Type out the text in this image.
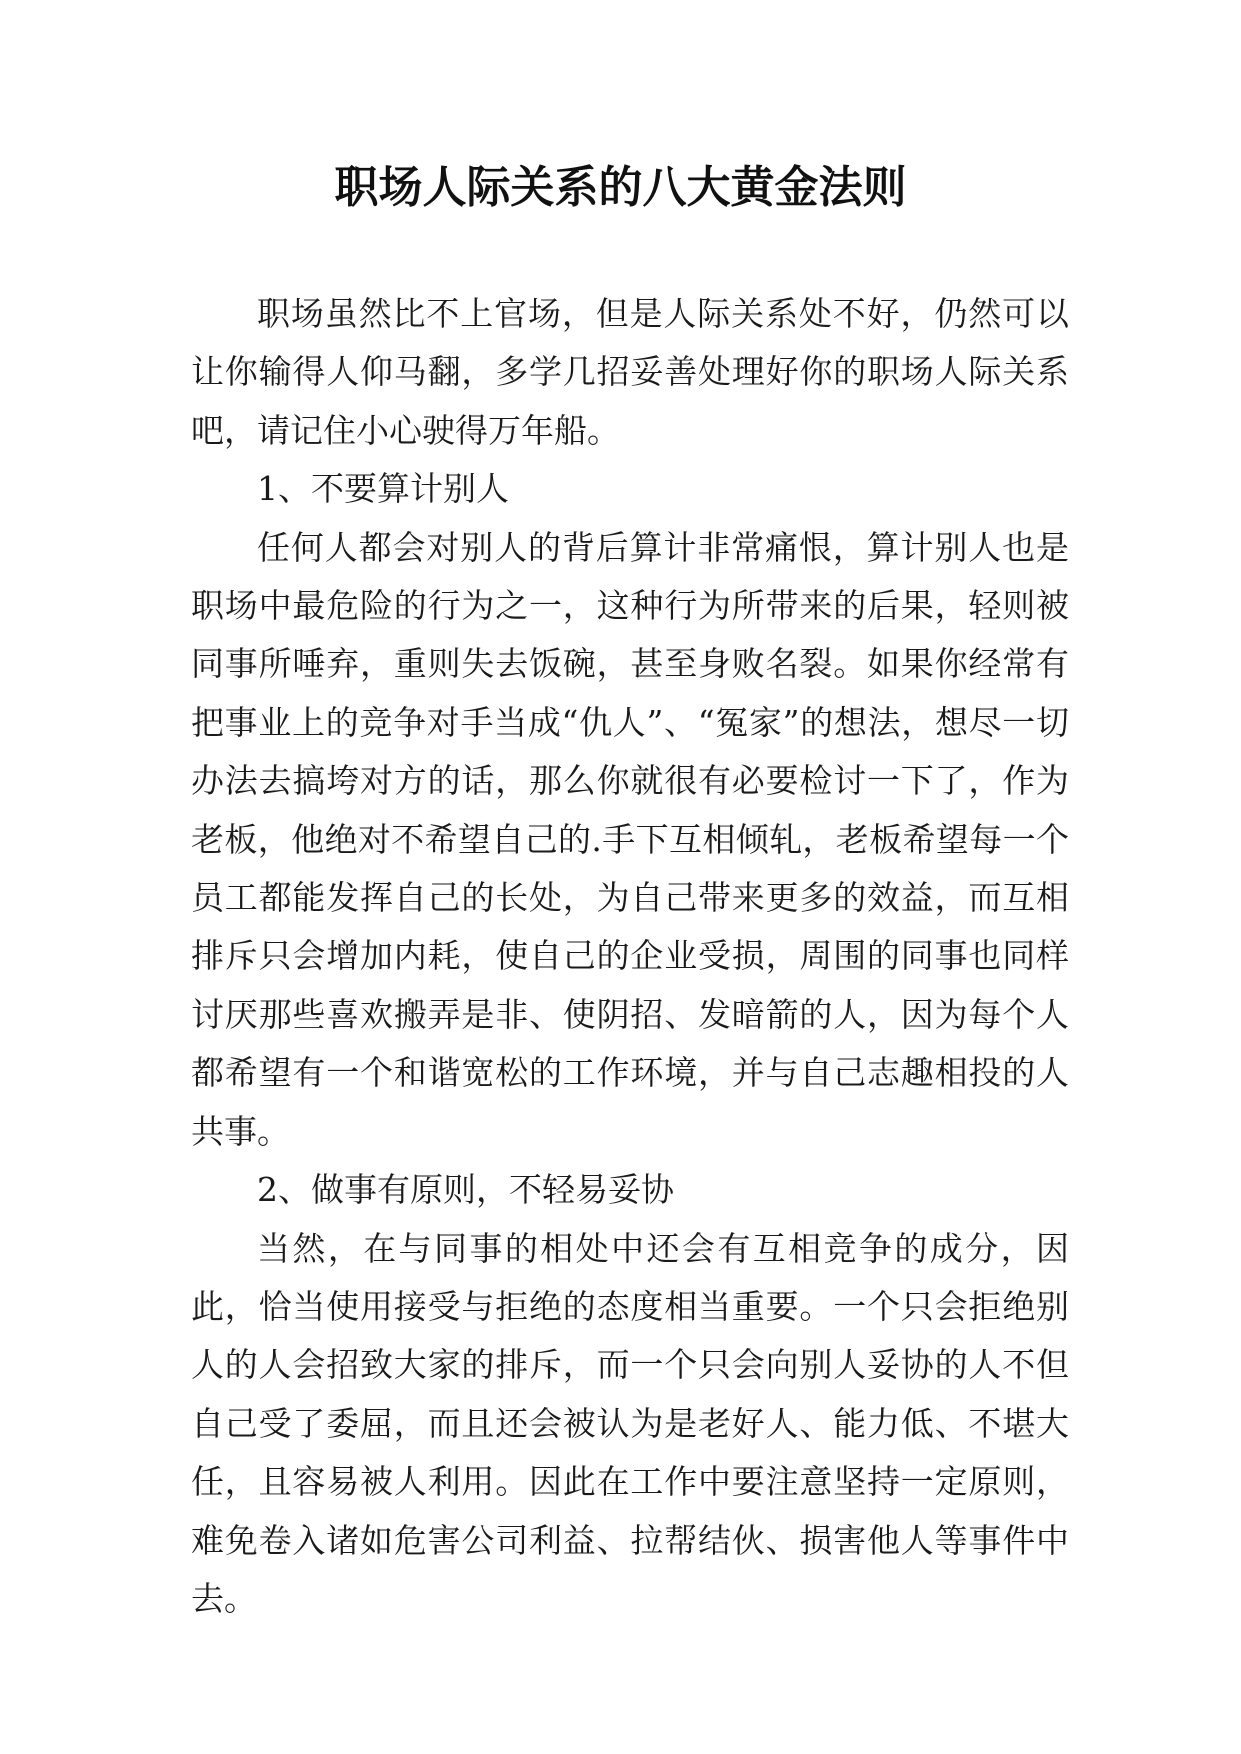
职场人际关系的八大黄金法则

职场虽然比不上官场，但是人际关系处不好，仍然可以让你输得人仰马翻，多学几招妥善处理好你的职场人际关系吧，请记住小心驶得万年船。

1、不要算计别人

任何人都会对别人的背后算计非常痛恨，算计别人也是职场中最危险的行为之一，这种行为所带来的后果，轻则被同事所唾弃，重则失去饭碗，甚至身败名裂。如果你经常有把事业上的竞争对手当成“仇人”、“冤家”的想法，想尽一切办法去搞垮对方的话，那么你就很有必要检讨一下了，作为老板，他绝对不希望自己的.手下互相倾轧，老板希望每一个员工都能发挥自己的长处，为自己带来更多的效益，而互相排斥只会增加内耗，使自己的企业受损，周围的同事也同样讨厌那些喜欢搬弄是非、使阴招、发暗箭的人，因为每个人都希望有一个和谐宽松的工作环境，并与自己志趣相投的人共事。

2、做事有原则，不轻易妥协

当然，在与同事的相处中还会有互相竞争的成分，因此，恰当使用接受与拒绝的态度相当重要。一个只会拒绝别人的人会招致大家的排斥，而一个只会向别人妥协的人不但自己受了委屈，而且还会被认为是老好人、能力低、不堪大任，且容易被人利用。因此在工作中要注意坚持一定原则，难免卷入诸如危害公司利益、拉帮结伙、损害他人等事件中去。
